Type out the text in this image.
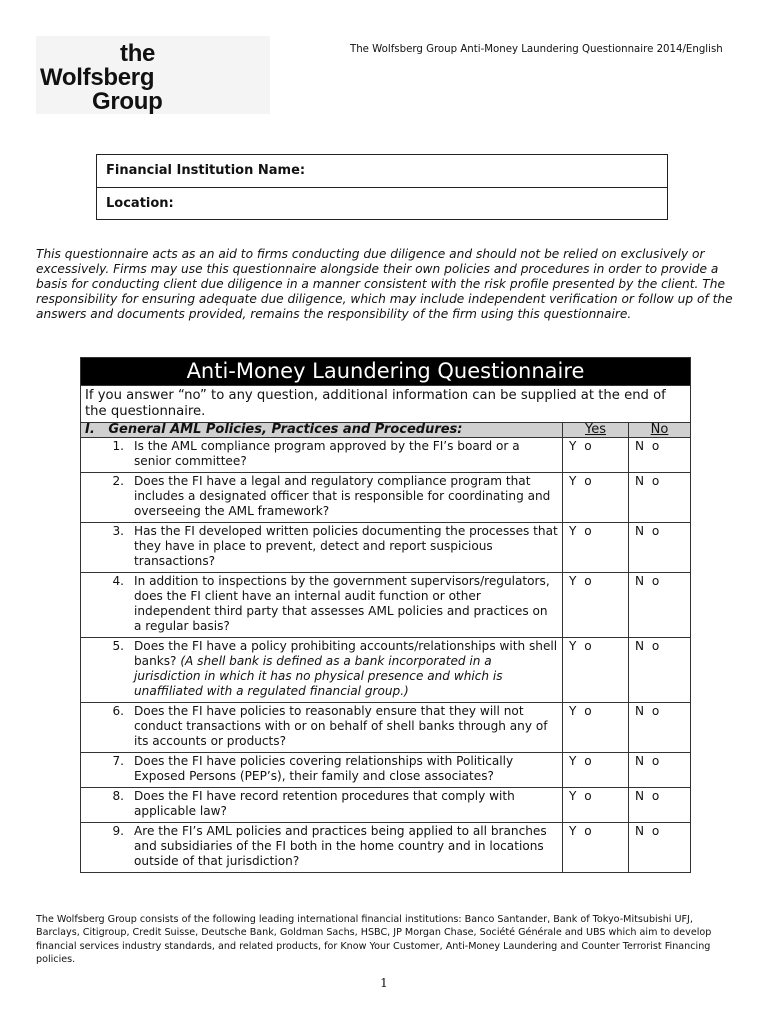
the
Wolfsberg
Group
The Wolfsberg Group Anti-Money Laundering Questionnaire 2014/English
Financial Institution Name:
Location:
This questionnaire acts as an aid to firms conducting due diligence and should not be relied on exclusively or excessively. Firms may use this questionnaire alongside their own policies and procedures in order to provide a basis for conducting client due diligence in a manner consistent with the risk profile presented by the client. The responsibility for ensuring adequate due diligence, which may include independent verification or follow up of the answers and documents provided, remains the responsibility of the firm using this questionnaire.
Anti-Money Laundering Questionnaire		
If you answer “no” to any question, additional information can be supplied at the end of the questionnaire.		
I. General AML Policies, Practices and Procedures:	Yes	No

1. Is the AML compliance program approved by the FI’s board or a senior committee?	Y o	N o

2. Does the FI have a legal and regulatory compliance program that includes a designated officer that is responsible for coordinating and overseeing the AML framework?	Y o	N o

3. Has the FI developed written policies documenting the processes that they have in place to prevent, detect and report suspicious transactions?	Y o	N o

4. In addition to inspections by the government supervisors/regulators, does the FI client have an internal audit function or other independent third party that assesses AML policies and practices on a regular basis?	Y o	N o

5. Does the FI have a policy prohibiting accounts/relationships with shell banks? (A shell bank is defined as a bank incorporated in a jurisdiction in which it has no physical presence and which is unaffiliated with a regulated financial group.)	Y o	N o

6. Does the FI have policies to reasonably ensure that they will not conduct transactions with or on behalf of shell banks through any of its accounts or products?	Y o	N o

7. Does the FI have policies covering relationships with Politically Exposed Persons (PEP’s), their family and close associates?	Y o	N o

8. Does the FI have record retention procedures that comply with applicable law?	Y o	N o

9. Are the FI’s AML policies and practices being applied to all branches and subsidiaries of the FI both in the home country and in locations outside of that jurisdiction?	Y o	N o
The Wolfsberg Group consists of the following leading international financial institutions: Banco Santander, Bank of Tokyo-Mitsubishi UFJ, Barclays, Citigroup, Credit Suisse, Deutsche Bank, Goldman Sachs, HSBC, JP Morgan Chase, Société Générale and UBS which aim to develop financial services industry standards, and related products, for Know Your Customer, Anti-Money Laundering and Counter Terrorist Financing policies.
1
